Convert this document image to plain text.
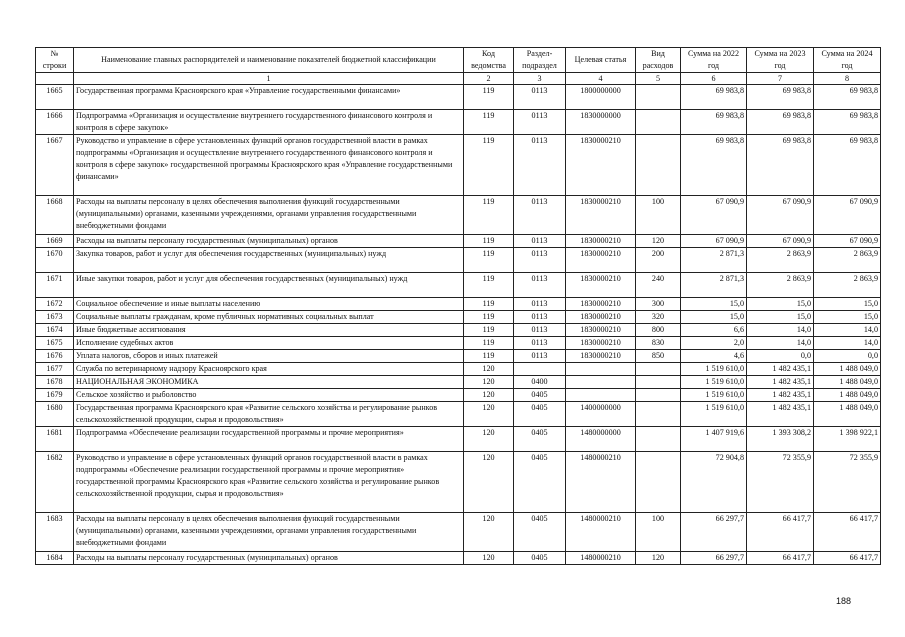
№ строки	Наименование главных распорядителей и наименование показателей бюджетной классификации	Код ведомства	Раздел-подраздел	Целевая статья	Вид расходов	Сумма на 2022 год	Сумма на 2023 год	Сумма на 2024 год
	1	2	3	4	5	6	7	8
1665	Государственная программа Красноярского края «Управление государственными финансами»	119	0113	1800000000		69 983,8	69 983,8	69 983,8
1666	Подпрограмма «Организация и осуществление внутреннего государственного финансового контроля и контроля в сфере закупок»	119	0113	1830000000		69 983,8	69 983,8	69 983,8
1667	Руководство и управление в сфере установленных функций органов государственной власти в рамках подпрограммы «Организация и осуществление внутреннего государственного финансового контроля и контроля в сфере закупок» государственной программы Красноярского края «Управление государственными финансами»	119	0113	1830000210		69 983,8	69 983,8	69 983,8
1668	Расходы на выплаты персоналу в целях обеспечения выполнения функций государственными (муниципальными) органами, казенными учреждениями, органами управления государственными внебюджетными фондами	119	0113	1830000210	100	67 090,9	67 090,9	67 090,9
1669	Расходы на выплаты персоналу государственных (муниципальных) органов	119	0113	1830000210	120	67 090,9	67 090,9	67 090,9
1670	Закупка товаров, работ и услуг для обеспечения государственных (муниципальных) нужд	119	0113	1830000210	200	2 871,3	2 863,9	2 863,9
1671	Иные закупки товаров, работ и услуг для обеспечения государственных (муниципальных) нужд	119	0113	1830000210	240	2 871,3	2 863,9	2 863,9
1672	Социальное обеспечение и иные выплаты населению	119	0113	1830000210	300	15,0	15,0	15,0
1673	Социальные выплаты гражданам, кроме публичных нормативных социальных выплат	119	0113	1830000210	320	15,0	15,0	15,0
1674	Иные бюджетные ассигнования	119	0113	1830000210	800	6,6	14,0	14,0
1675	Исполнение судебных актов	119	0113	1830000210	830	2,0	14,0	14,0
1676	Уплата налогов, сборов и иных платежей	119	0113	1830000210	850	4,6	0,0	0,0
1677	Служба по ветеринарному надзору Красноярского края	120				1 519 610,0	1 482 435,1	1 488 049,0
1678	НАЦИОНАЛЬНАЯ ЭКОНОМИКА	120	0400			1 519 610,0	1 482 435,1	1 488 049,0
1679	Сельское хозяйство и рыболовство	120	0405			1 519 610,0	1 482 435,1	1 488 049,0
1680	Государственная программа Красноярского края «Развитие сельского хозяйства и регулирование рынков сельскохозяйственной продукции, сырья и продовольствия»	120	0405	1400000000		1 519 610,0	1 482 435,1	1 488 049,0
1681	Подпрограмма «Обеспечение реализации государственной программы и прочие мероприятия»	120	0405	1480000000		1 407 919,6	1 393 308,2	1 398 922,1
1682	Руководство и управление в сфере установленных функций органов государственной власти в рамках подпрограммы «Обеспечение реализации государственной программы и прочие мероприятия» государственной программы Красноярского края «Развитие сельского хозяйства и регулирование рынков сельскохозяйственной продукции, сырья и продовольствия»	120	0405	1480000210		72 904,8	72 355,9	72 355,9
1683	Расходы на выплаты персоналу в целях обеспечения выполнения функций государственными (муниципальными) органами, казенными учреждениями, органами управления государственными внебюджетными фондами	120	0405	1480000210	100	66 297,7	66 417,7	66 417,7
1684	Расходы на выплаты персоналу государственных (муниципальных) органов	120	0405	1480000210	120	66 297,7	66 417,7	66 417,7
188
